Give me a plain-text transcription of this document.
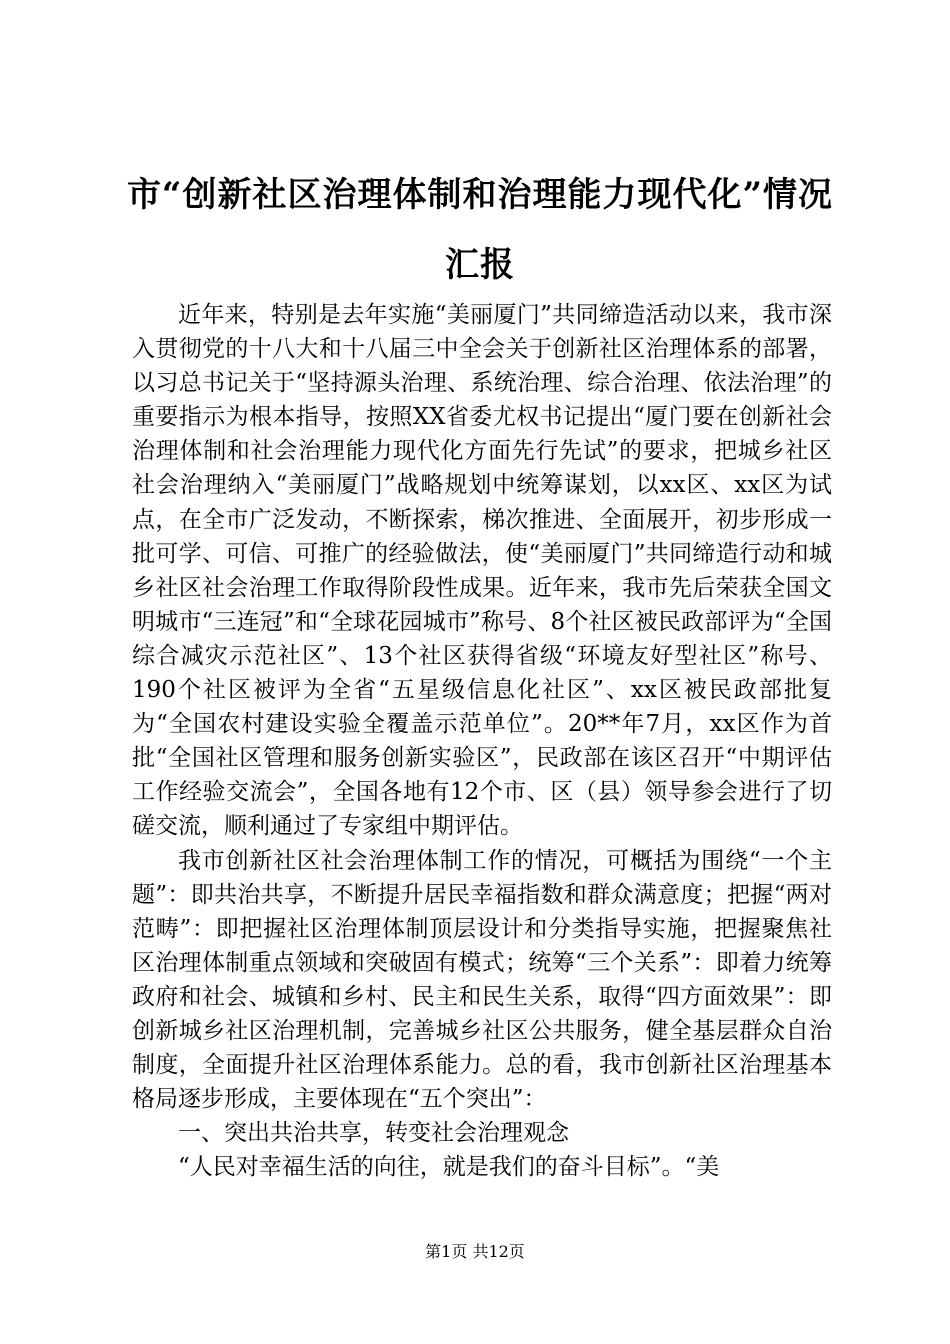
市“创新社区治理体制和治理能力现代化”情况汇报

近年来，特别是去年实施“美丽厦门”共同缔造活动以来，我市深入贯彻党的十八大和十八届三中全会关于创新社区治理体系的部署，以习总书记关于“坚持源头治理、系统治理、综合治理、依法治理”的重要指示为根本指导，按照XX省委尤权书记提出“厦门要在创新社会治理体制和社会治理能力现代化方面先行先试”的要求，把城乡社区社会治理纳入“美丽厦门”战略规划中统筹谋划，以xx区、xx区为试点，在全市广泛发动，不断探索，梯次推进、全面展开，初步形成一批可学、可信、可推广的经验做法，使“美丽厦门”共同缔造行动和城乡社区社会治理工作取得阶段性成果。近年来，我市先后荣获全国文明城市“三连冠”和“全球花园城市”称号、8个社区被民政部评为“全国综合减灾示范社区”、13个社区获得省级“环境友好型社区”称号、190个社区被评为全省“五星级信息化社区”、xx区被民政部批复为“全国农村建设实验全覆盖示范单位”。20**年7月，xx区作为首批“全国社区管理和服务创新实验区”，民政部在该区召开“中期评估工作经验交流会”，全国各地有12个市、区（县）领导参会进行了切磋交流，顺利通过了专家组中期评估。

我市创新社区社会治理体制工作的情况，可概括为围绕“一个主题”：即共治共享，不断提升居民幸福指数和群众满意度；把握“两对范畴”：即把握社区治理体制顶层设计和分类指导实施，把握聚焦社区治理体制重点领域和突破固有模式；统筹“三个关系”：即着力统筹政府和社会、城镇和乡村、民主和民生关系，取得“四方面效果”：即创新城乡社区治理机制，完善城乡社区公共服务，健全基层群众自治制度，全面提升社区治理体系能力。总的看，我市创新社区治理基本格局逐步形成，主要体现在“五个突出”：

一、突出共治共享，转变社会治理观念

“人民对幸福生活的向往，就是我们的奋斗目标”。“美

第1页 共12页
